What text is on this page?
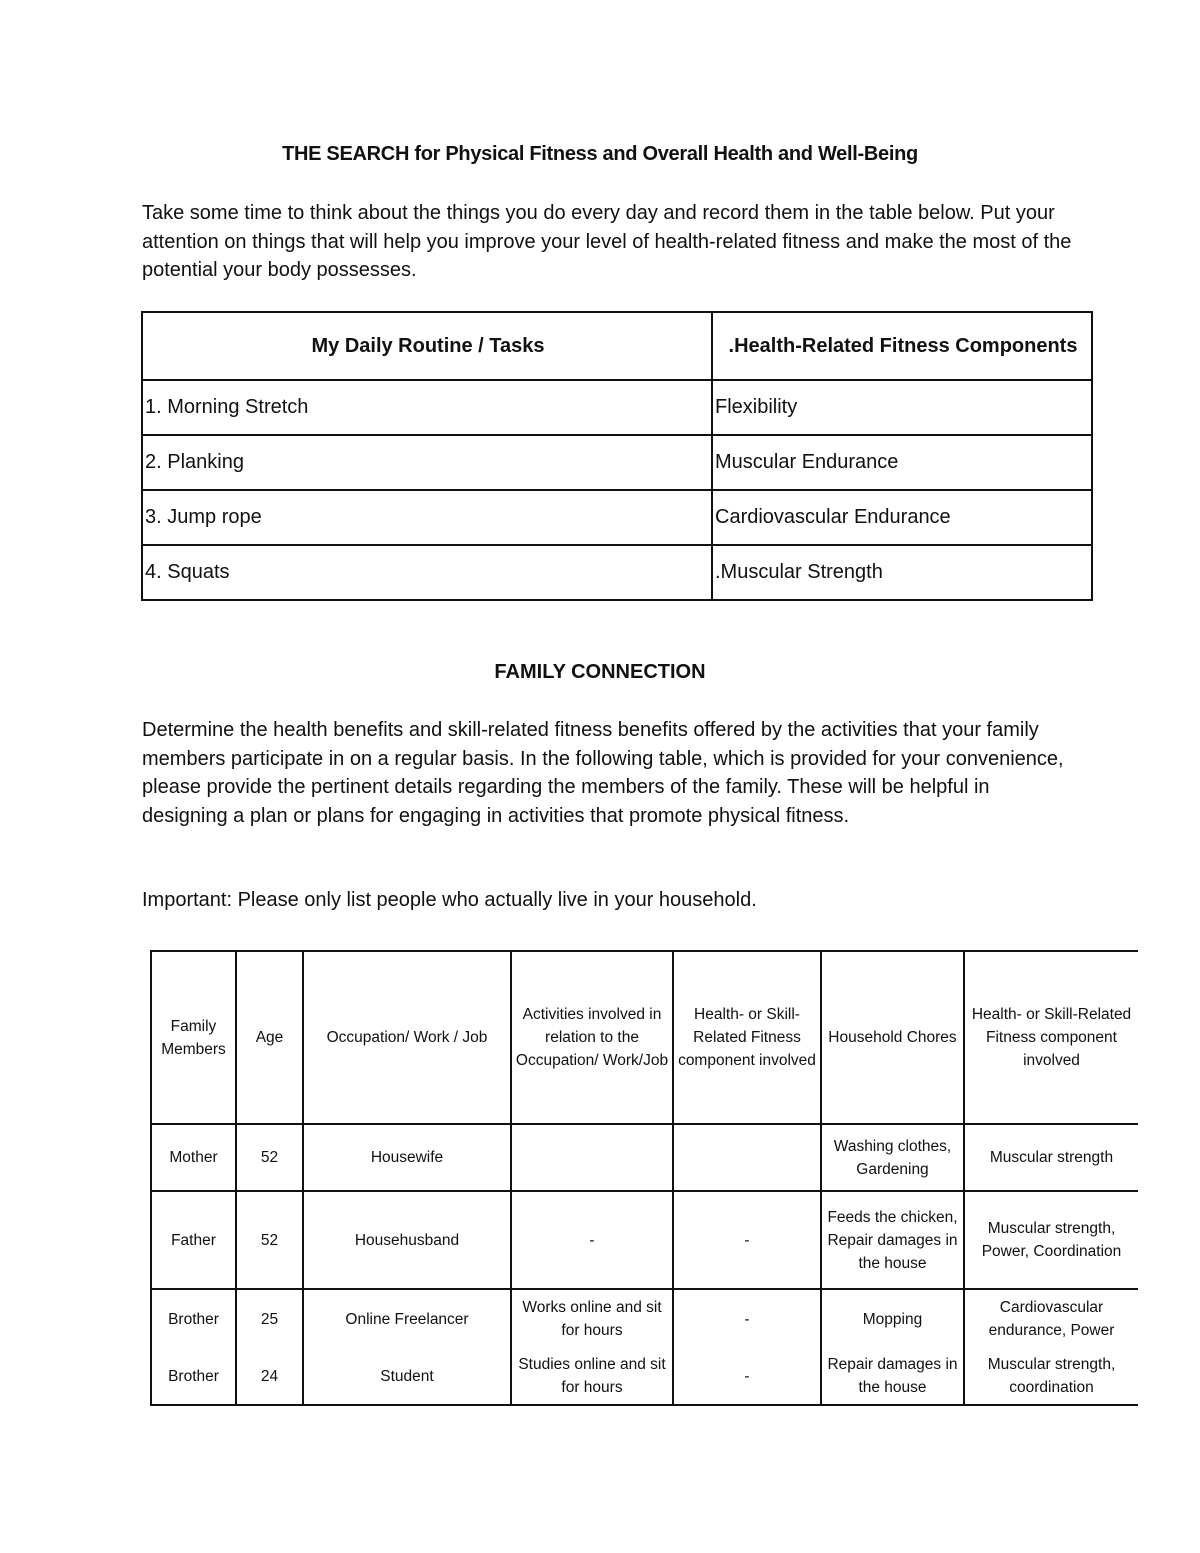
THE SEARCH for Physical Fitness and Overall Health and Well-Being

Take some time to think about the things you do every day and record them in the table below. Put your attention on things that will help you improve your level of health-related fitness and make the most of the potential your body possesses.

My Daily Routine / Tasks	.Health-Related Fitness Components
1. Morning Stretch	Flexibility
2. Planking	Muscular Endurance
3. Jump rope	Cardiovascular Endurance
4. Squats	.Muscular Strength
FAMILY CONNECTION

Determine the health benefits and skill-related fitness benefits offered by the activities that your family members participate in on a regular basis. In the following table, which is provided for your convenience, please provide the pertinent details regarding the members of the family. These will be helpful in designing a plan or plans for engaging in activities that promote physical fitness.

Important: Please only list people who actually live in your household.

Family Members	Age	Occupation/ Work / Job	Activities involved in relation to the Occupation/ Work/Job	Health- or Skill-Related Fitness component involved	Household Chores	Health- or Skill-Related Fitness component involved
Mother	52	Housewife			Washing clothes, Gardening	Muscular strength
Father	52	Househusband	-	-	Feeds the chicken, Repair damages in the house	Muscular strength, Power, Coordination
Brother	25	Online Freelancer	Works online and sit for hours	-	Mopping	Cardiovascular endurance, Power
Brother	24	Student	Studies online and sit for hours	-	Repair damages in the house	Muscular strength, coordination
